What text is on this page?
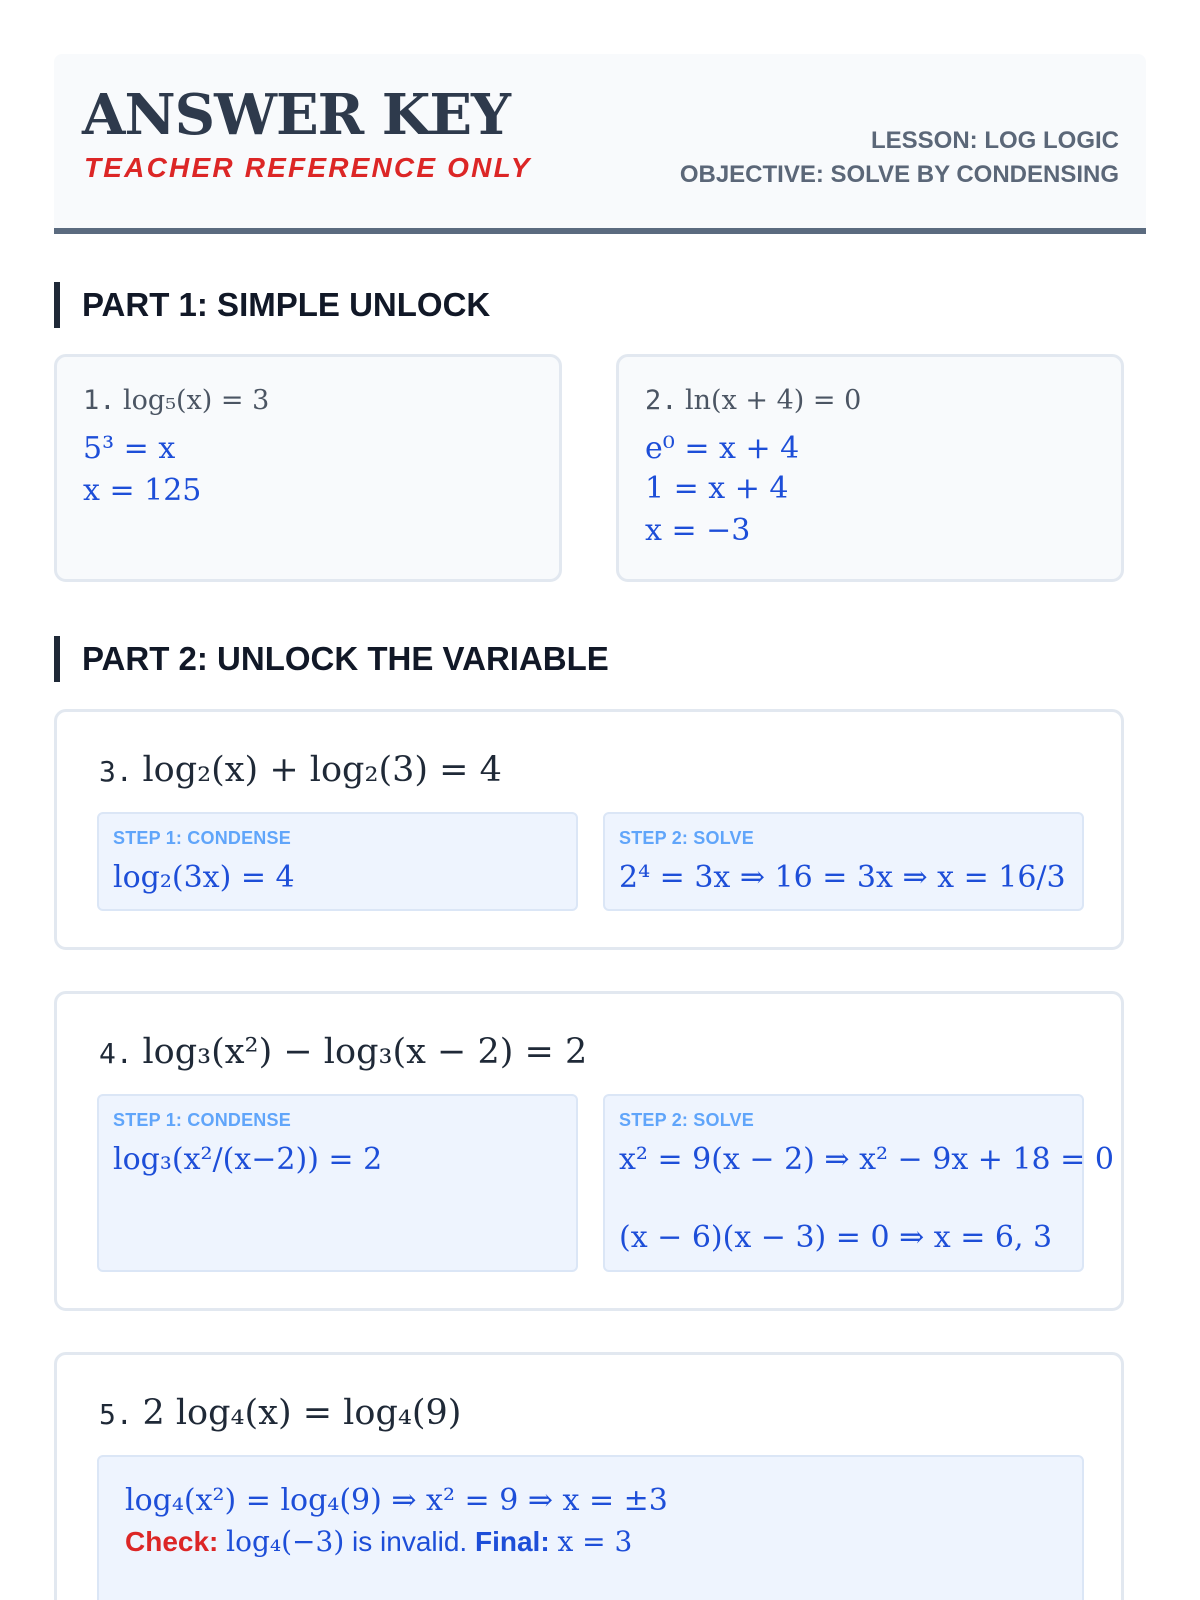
ANSWER KEY
TEACHER REFERENCE ONLY
LESSON: LOG LOGIC
OBJECTIVE: SOLVE BY CONDENSING
PART 1: SIMPLE UNLOCK
1. log₅(x) = 3
5³ = x
x = 125
2. ln(x + 4) = 0
e⁰ = x + 4
1 = x + 4
x = −3
PART 2: UNLOCK THE VARIABLE
3. log₂(x) + log₂(3) = 4
STEP 1: CONDENSE
log₂(3x) = 4
STEP 2: SOLVE
2⁴ = 3x ⇒ 16 = 3x ⇒ x = 16/3
4. log₃(x²) − log₃(x − 2) = 2
STEP 1: CONDENSE
log₃(x²/(x−2)) = 2
STEP 2: SOLVE
x² = 9(x − 2) ⇒ x² − 9x + 18 = 0
(x − 6)(x − 3) = 0 ⇒ x = 6, 3
5. 2 log₄(x) = log₄(9)
log₄(x²) = log₄(9) ⇒ x² = 9 ⇒ x = ±3
Check: log₄(−3) is invalid. Final: x = 3
